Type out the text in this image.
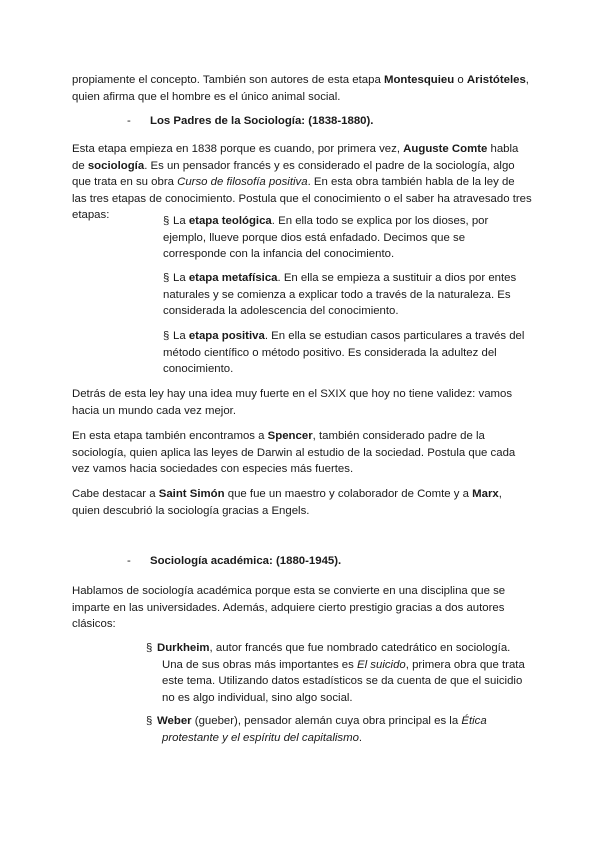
propiamente el concepto. También son autores de esta etapa Montesquieu o Aristóteles, quien afirma que el hombre es el único animal social.

- Los Padres de la Sociología: (1838-1880).

Esta etapa empieza en 1838 porque es cuando, por primera vez, Auguste Comte habla de sociología. Es un pensador francés y es considerado el padre de la sociología, algo que trata en su obra Curso de filosofía positiva. En esta obra también habla de la ley de las tres etapas de conocimiento. Postula que el conocimiento o el saber ha atravesado tres etapas:	§ La etapa teológica. En ella todo se explica por los dioses, por ejemplo, llueve porque dios está enfadado. Decimos que se corresponde con la infancia del conocimiento.
§ La etapa metafísica. En ella se empieza a sustituir a dios por entes naturales y se comienza a explicar todo a través de la naturaleza. Es considerada la adolescencia del conocimiento.
§ La etapa positiva. En ella se estudian casos particulares a través del método científico o método positivo. Es considerada la adultez del conocimiento.

Detrás de esta ley hay una idea muy fuerte en el SXIX que hoy no tiene validez: vamos hacia un mundo cada vez mejor.

En esta etapa también encontramos a Spencer, también considerado padre de la sociología, quien aplica las leyes de Darwin al estudio de la sociedad. Postula que cada vez vamos hacia sociedades con especies más fuertes.

Cabe destacar a Saint Simón que fue un maestro y colaborador de Comte y a Marx, quien descubrió la sociología gracias a Engels.

- Sociología académica: (1880-1945).

Hablamos de sociología académica porque esta se convierte en una disciplina que se imparte en las universidades. Además, adquiere cierto prestigio gracias a dos autores clásicos:

§ Durkheim, autor francés que fue nombrado catedrático en sociología. Una de sus obras más importantes es El suicido, primera obra que trata este tema. Utilizando datos estadísticos se da cuenta de que el suicidio no es algo individual, sino algo social.
§ Weber (gueber), pensador alemán cuya obra principal es la Ética protestante y el espíritu del capitalismo.
